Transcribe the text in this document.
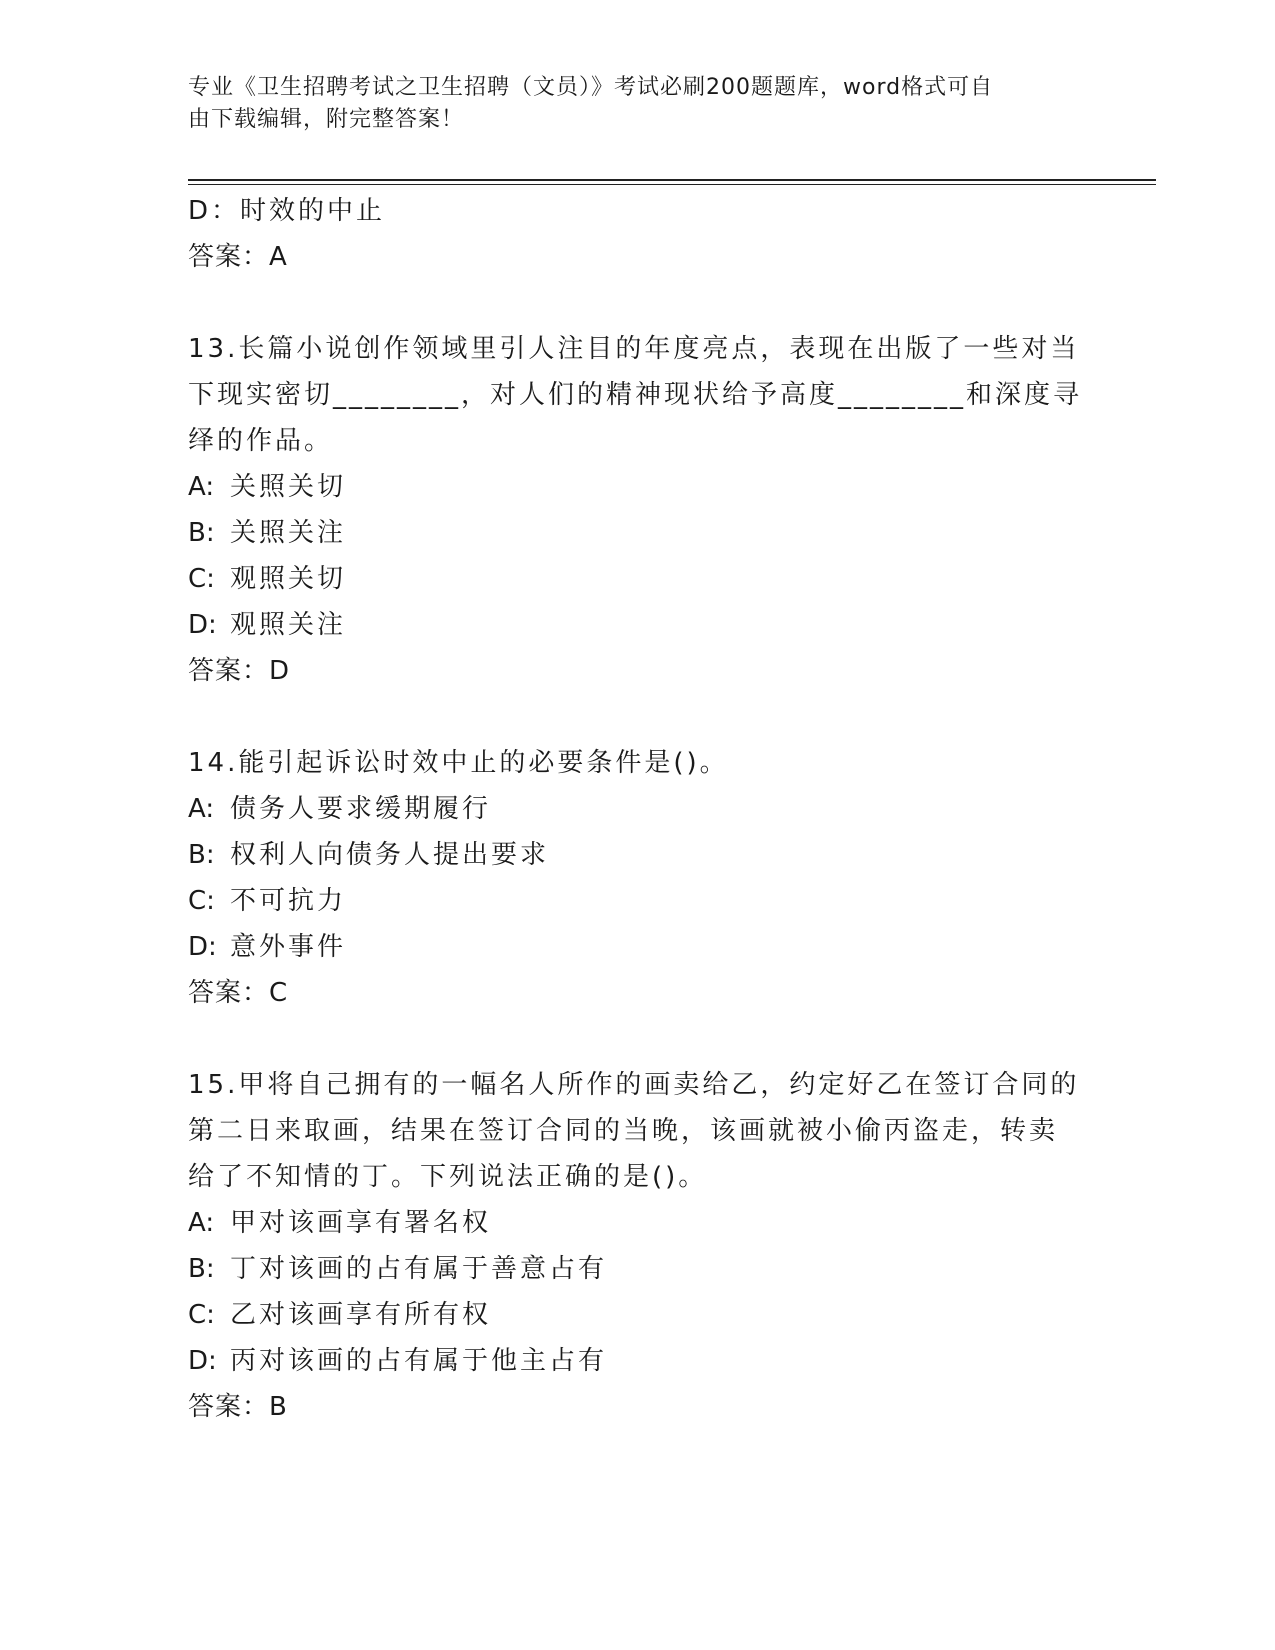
专业《卫生招聘考试之卫生招聘（文员）》考试必刷200题题库，word格式可自
由下载编辑，附完整答案！
D：时效的中止
答案：A
13.长篇小说创作领域里引人注目的年度亮点，表现在出版了一些对当
下现实密切________，对人们的精神现状给予高度________和深度寻
绎的作品。
A: 关照关切
B: 关照关注
C: 观照关切
D: 观照关注
答案：D
14.能引起诉讼时效中止的必要条件是()。
A: 债务人要求缓期履行
B: 权利人向债务人提出要求
C: 不可抗力
D: 意外事件
答案：C
15.甲将自己拥有的一幅名人所作的画卖给乙，约定好乙在签订合同的
第二日来取画，结果在签订合同的当晚，该画就被小偷丙盗走，转卖
给了不知情的丁。下列说法正确的是()。
A: 甲对该画享有署名权
B: 丁对该画的占有属于善意占有
C: 乙对该画享有所有权
D: 丙对该画的占有属于他主占有
答案：B
